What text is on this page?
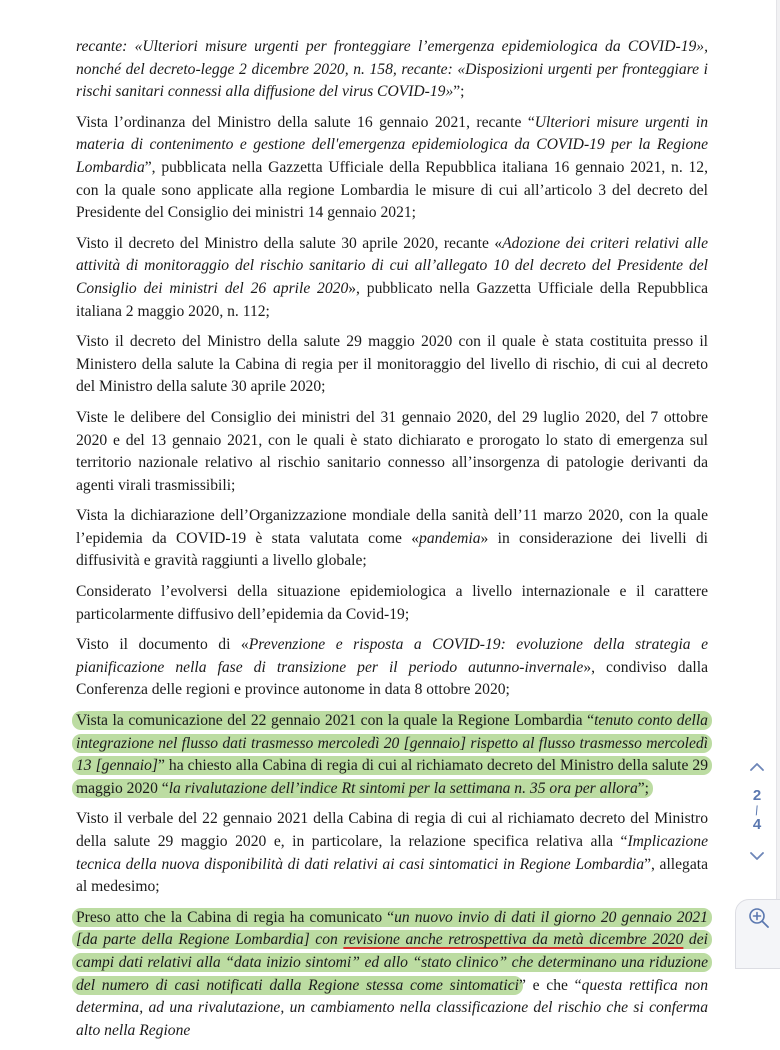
recante: «Ulteriori misure urgenti per fronteggiare l’emergenza epidemiologica da COVID-19», nonché del decreto-legge 2 dicembre 2020, n. 158, recante: «Disposizioni urgenti per fronteggiare i rischi sanitari connessi alla diffusione del virus COVID-19»”;

Vista l’ordinanza del Ministro della salute 16 gennaio 2021, recante “Ulteriori misure urgenti in materia di contenimento e gestione dell'emergenza epidemiologica da COVID-19 per la Regione Lombardia”, pubblicata nella Gazzetta Ufficiale della Repubblica italiana 16 gennaio 2021, n. 12, con la quale sono applicate alla regione Lombardia le misure di cui all’articolo 3 del decreto del Presidente del Consiglio dei ministri 14 gennaio 2021;

Visto il decreto del Ministro della salute 30 aprile 2020, recante «Adozione dei criteri relativi alle attività di monitoraggio del rischio sanitario di cui all’allegato 10 del decreto del Presidente del Consiglio dei ministri del 26 aprile 2020», pubblicato nella Gazzetta Ufficiale della Repubblica italiana 2 maggio 2020, n. 112;

Visto il decreto del Ministro della salute 29 maggio 2020 con il quale è stata costituita presso il Ministero della salute la Cabina di regia per il monitoraggio del livello di rischio, di cui al decreto del Ministro della salute 30 aprile 2020;

Viste le delibere del Consiglio dei ministri del 31 gennaio 2020, del 29 luglio 2020, del 7 ottobre 2020 e del 13 gennaio 2021, con le quali è stato dichiarato e prorogato lo stato di emergenza sul territorio nazionale relativo al rischio sanitario connesso all’insorgenza di patologie derivanti da agenti virali trasmissibili;

Vista la dichiarazione dell’Organizzazione mondiale della sanità dell’11 marzo 2020, con la quale l’epidemia da COVID-19 è stata valutata come «pandemia» in considerazione dei livelli di diffusività e gravità raggiunti a livello globale;

Considerato l’evolversi della situazione epidemiologica a livello internazionale e il carattere particolarmente diffusivo dell’epidemia da Covid-19;

Visto il documento di «Prevenzione e risposta a COVID-19: evoluzione della strategia e pianificazione nella fase di transizione per il periodo autunno-invernale», condiviso dalla Conferenza delle regioni e province autonome in data 8 ottobre 2020;

Vista la comunicazione del 22 gennaio 2021 con la quale la Regione Lombardia “tenuto conto della integrazione nel flusso dati trasmesso mercoledì 20 [gennaio] rispetto al flusso trasmesso mercoledì 13 [gennaio]” ha chiesto alla Cabina di regia di cui al richiamato decreto del Ministro della salute 29 maggio 2020 “la rivalutazione dell’indice Rt sintomi per la settimana n. 35 ora per allora”;

Visto il verbale del 22 gennaio 2021 della Cabina di regia di cui al richiamato decreto del Ministro della salute 29 maggio 2020 e, in particolare, la relazione specifica relativa alla “Implicazione tecnica della nuova disponibilità di dati relativi ai casi sintomatici in Regione Lombardia”, allegata al medesimo;

Preso atto che la Cabina di regia ha comunicato “un nuovo invio di dati il giorno 20 gennaio 2021 [da parte della Regione Lombardia] con revisione anche retrospettiva da metà dicembre 2020 dei campi dati relativi alla “data inizio sintomi” ed allo “stato clinico” che determinano una riduzione del numero di casi notificati dalla Regione stessa come sintomatici” e che “questa rettifica non determina, ad una rivalutazione, un cambiamento nella classificazione del rischio che si conferma alto nella Regione

2
/
4
